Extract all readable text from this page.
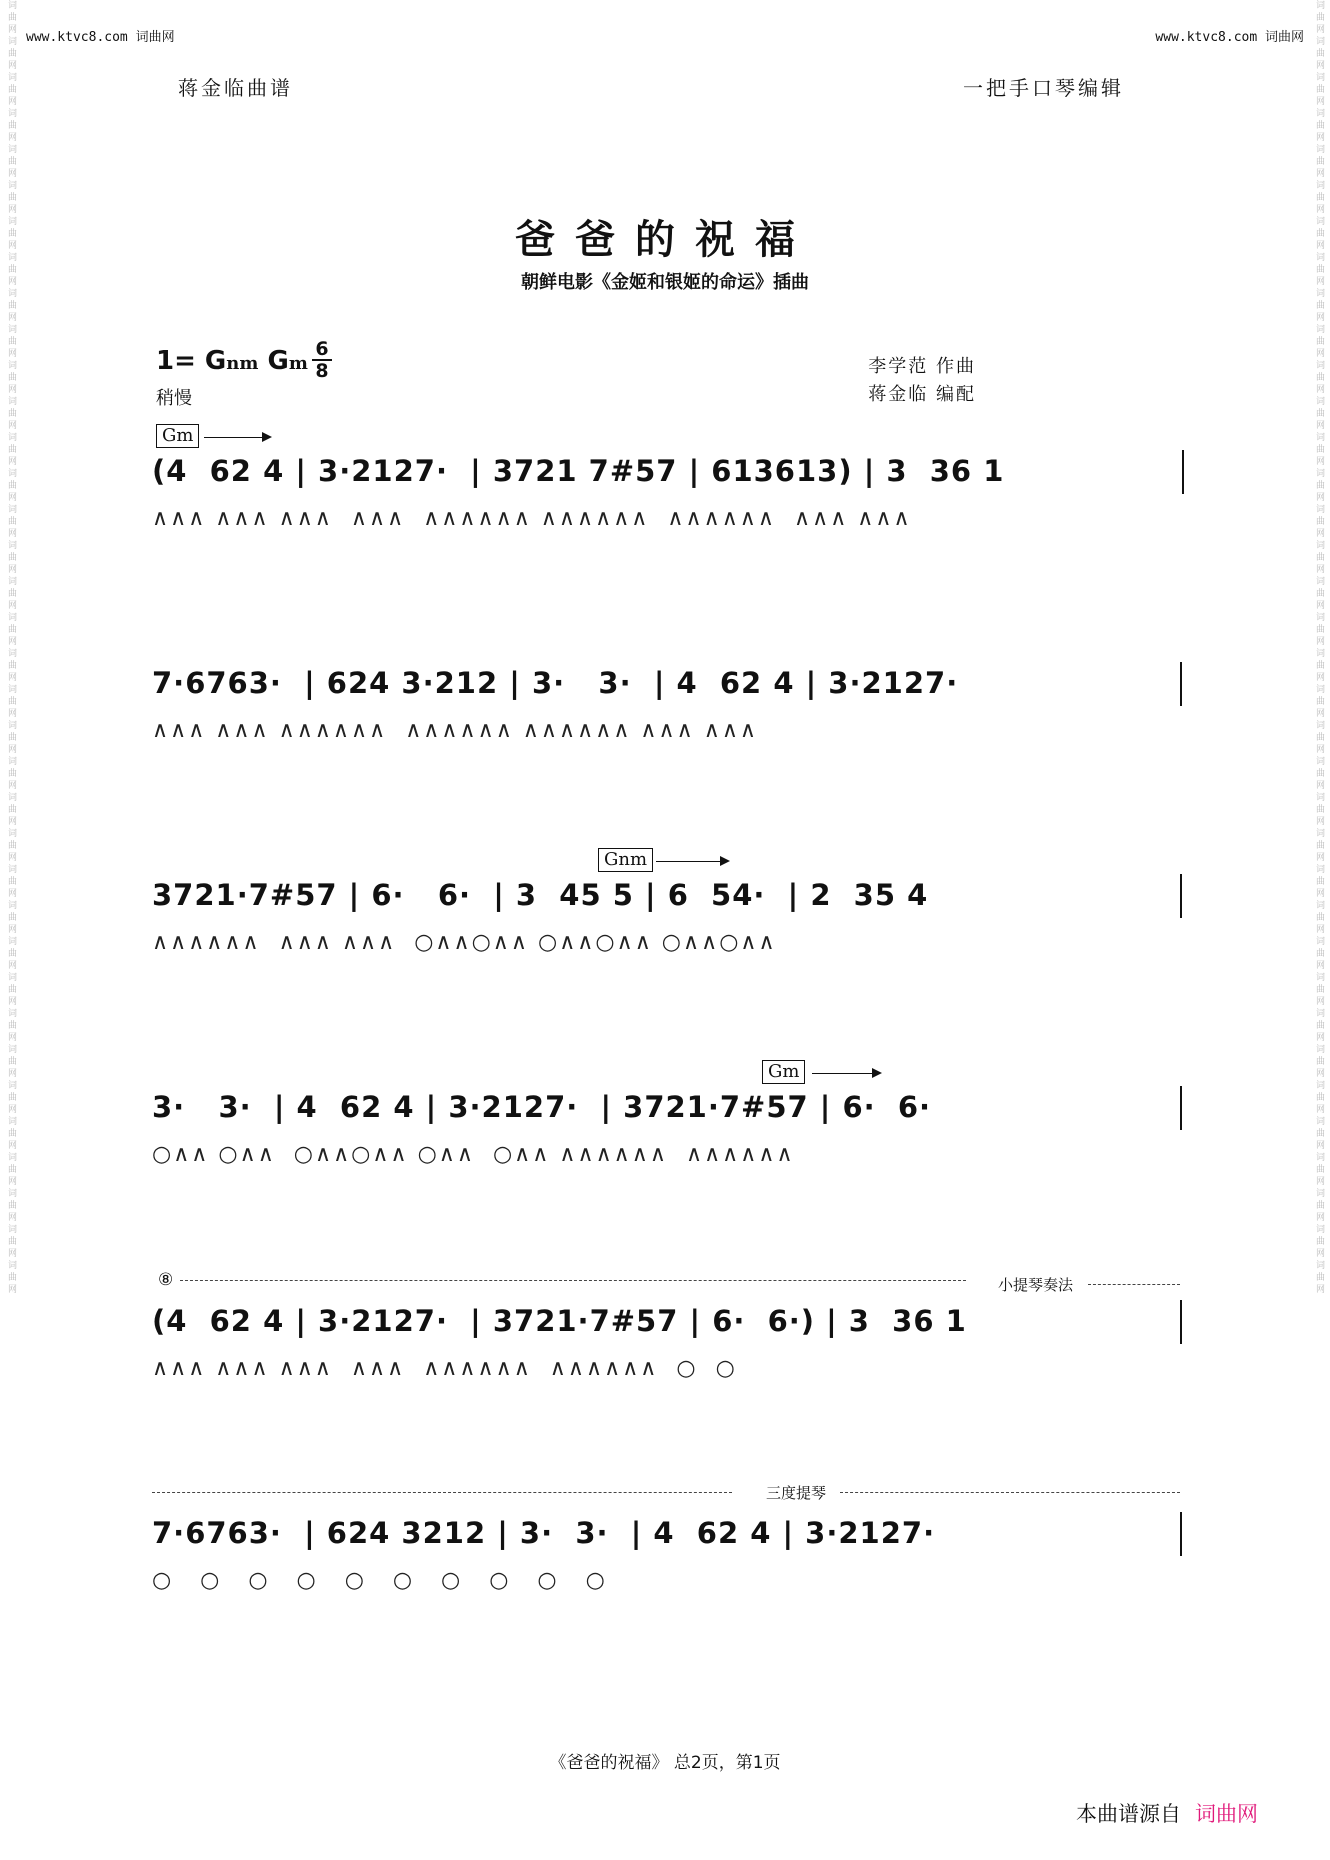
词曲网词曲网词曲网词曲网词曲网词曲网词曲网词曲网词曲网词曲网词曲网词曲网词曲网词曲网词曲网词曲网词曲网词曲网词曲网词曲网词曲网词曲网词曲网词曲网词曲网词曲网词曲网词曲网词曲网词曲网词曲网词曲网词曲网词曲网词曲网词曲网	词曲网词曲网词曲网词曲网词曲网词曲网词曲网词曲网词曲网词曲网词曲网词曲网词曲网词曲网词曲网词曲网词曲网词曲网词曲网词曲网词曲网词曲网词曲网词曲网词曲网词曲网词曲网词曲网词曲网词曲网词曲网词曲网词曲网词曲网词曲网词曲网
www.ktvc8.com 词曲网	www.ktvc8.com 词曲网
蒋金临曲谱	一把手口琴编辑
爸爸的祝福
朝鲜电影《金姬和银姬的命运》插曲
1= Gnm Gm
6
8
稍慢
李学范 作曲
蒋金临 编配
Gm
(4  62 4 | 3·2127·  | 3721 7#57 | 613613) | 3  36 1
∧∧∧ ∧∧∧ ∧∧∧  ∧∧∧  ∧∧∧∧∧∧ ∧∧∧∧∧∧  ∧∧∧∧∧∧  ∧∧∧ ∧∧∧
7·6763·  | 624 3·212 | 3·   3·  | 4  62 4 | 3·2127·
∧∧∧ ∧∧∧ ∧∧∧∧∧∧  ∧∧∧∧∧∧ ∧∧∧∧∧∧ ∧∧∧ ∧∧∧
Gnm
3721·7#57 | 6·   6·  | 3  45 5 | 6  54·  | 2  35 4
∧∧∧∧∧∧  ∧∧∧ ∧∧∧  ○∧∧○∧∧ ○∧∧○∧∧ ○∧∧○∧∧
Gm
3·   3·  | 4  62 4 | 3·2127·  | 3721·7#57 | 6·  6·
○∧∧ ○∧∧  ○∧∧○∧∧ ○∧∧  ○∧∧ ∧∧∧∧∧∧  ∧∧∧∧∧∧
⑧	小提琴奏法
(4  62 4 | 3·2127·  | 3721·7#57 | 6·  6·) | 3  36 1
∧∧∧ ∧∧∧ ∧∧∧  ∧∧∧  ∧∧∧∧∧∧  ∧∧∧∧∧∧  ○  ○
三度提琴
7·6763·  | 624 3212 | 3·  3·  | 4  62 4 | 3·2127·
○   ○   ○   ○   ○   ○   ○   ○   ○   ○
《爸爸的祝福》 总2页，第1页
本曲谱源自 词曲网
